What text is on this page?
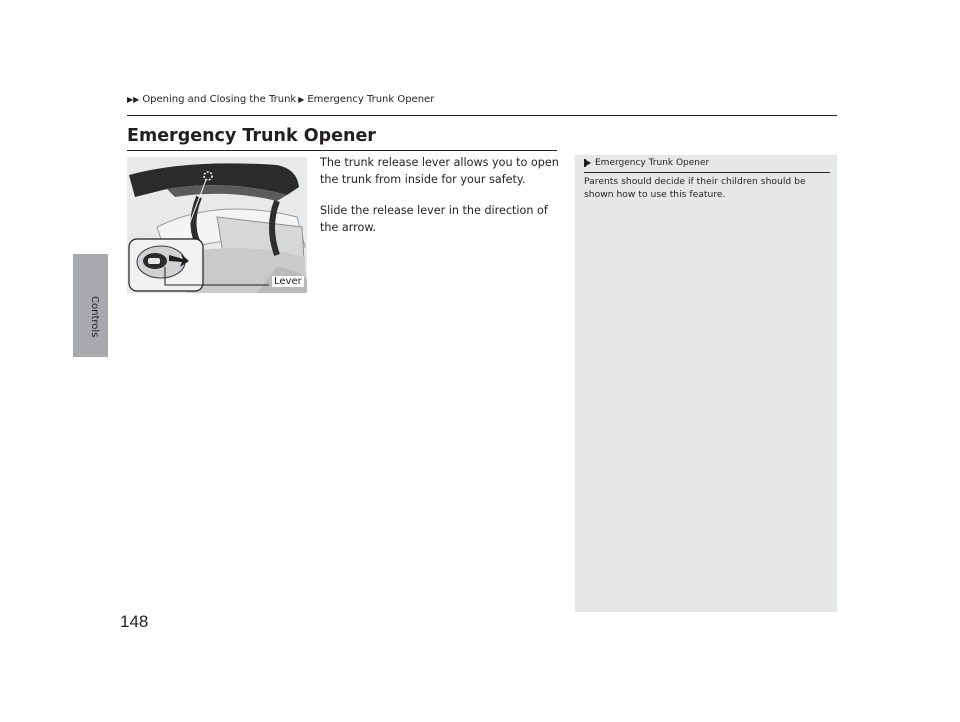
Controls
▶▶ Opening and Closing the Trunk ▶ Emergency Trunk Opener
Emergency Trunk Opener
Lever

The trunk release lever allows you to open the trunk from inside for your safety.

Slide the release lever in the direction of the arrow.

Emergency Trunk Opener
Parents should decide if their children should be shown how to use this feature.
148
